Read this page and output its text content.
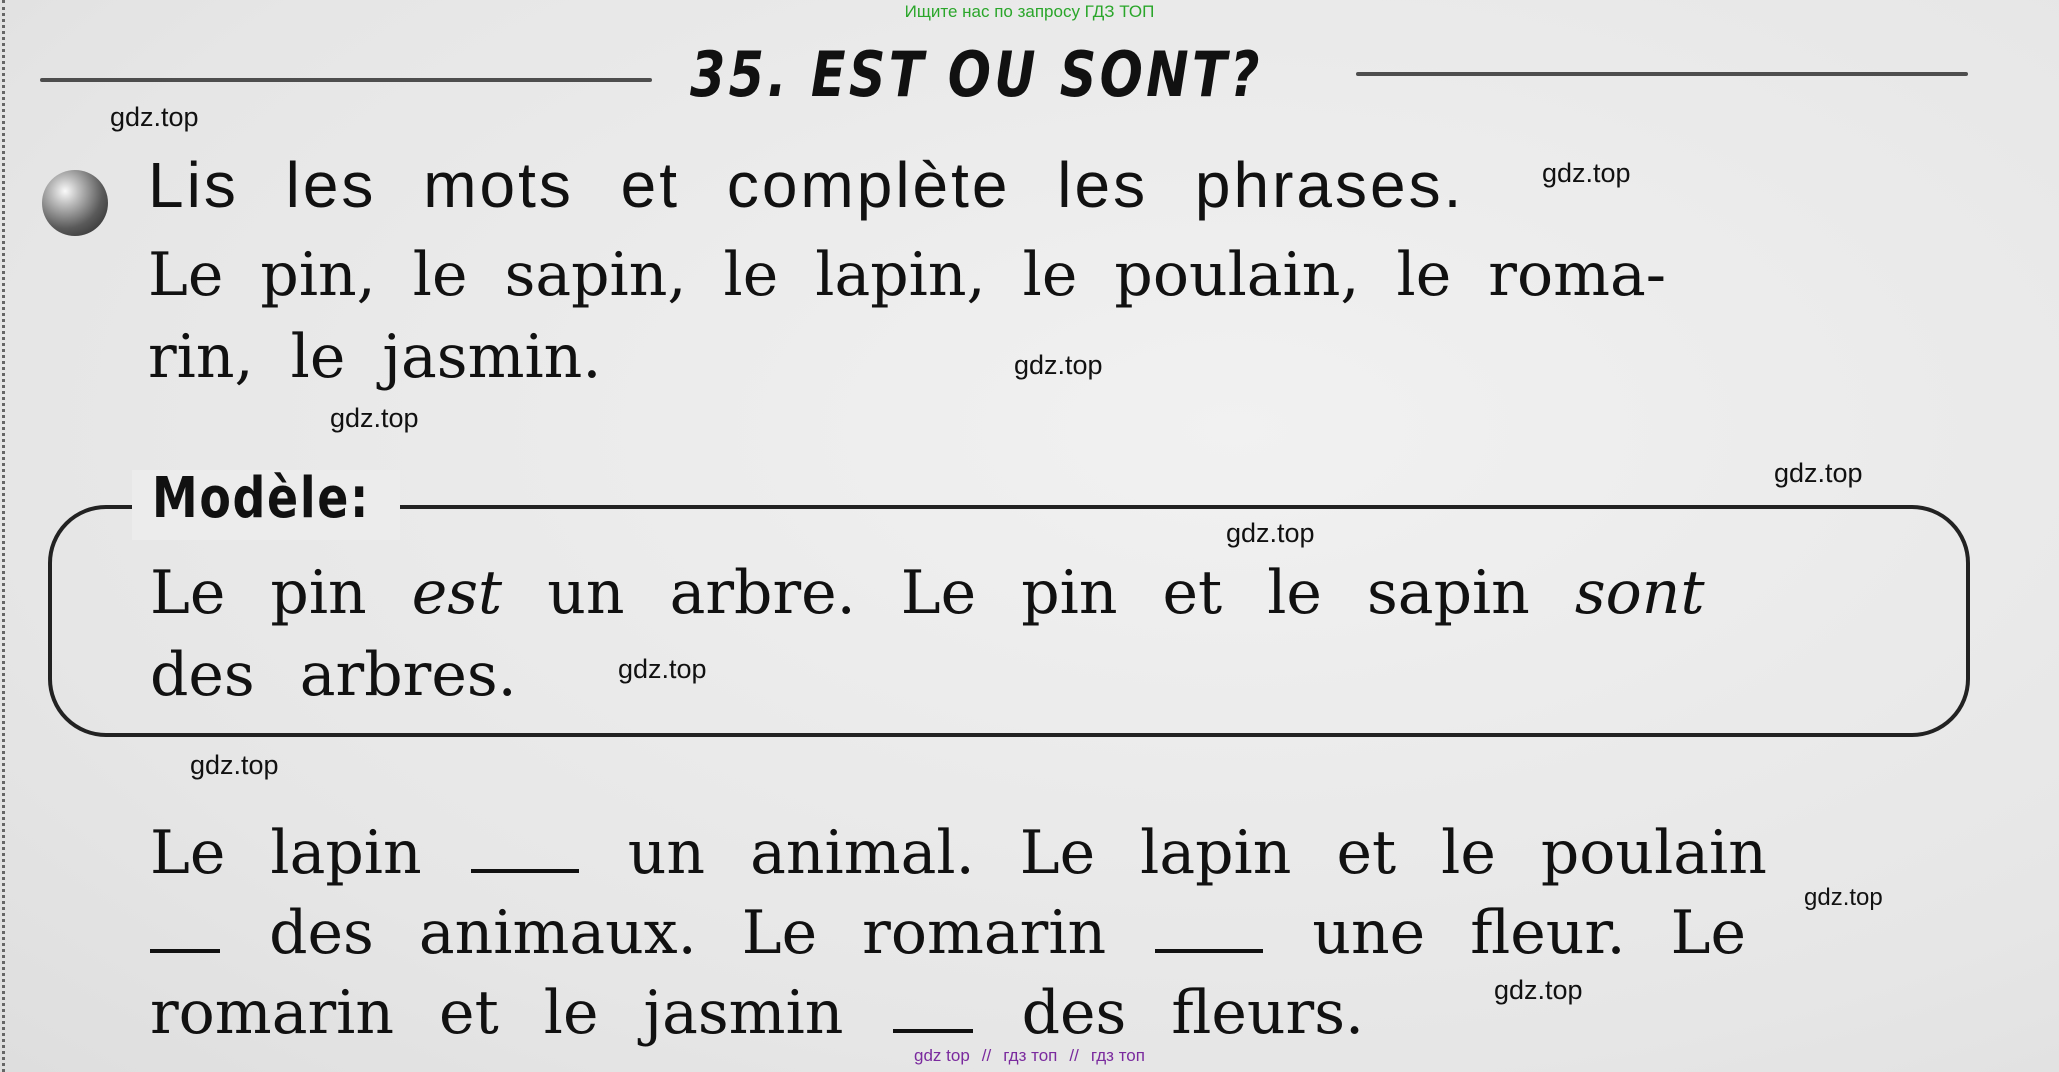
Ищите нас по запросу ГДЗ ТОП
35. EST OU SONT?
Lis les mots et complète les phrases.
Le pin, le sapin, le lapin, le poulain, le roma-
rin, le jasmin.
Modèle:
Le pin est un arbre. Le pin et le sapin sont
des arbres.
Le lapin	un animal. Le lapin et le poulain
des animaux. Le romarin	une fleur. Le
romarin et le jasmin	des fleurs.
gdz.top
gdz.top
gdz.top
gdz.top
gdz.top
gdz.top
gdz.top
gdz.top
gdz.top
gdz.top
gdz top // гдз топ // гдз топ
